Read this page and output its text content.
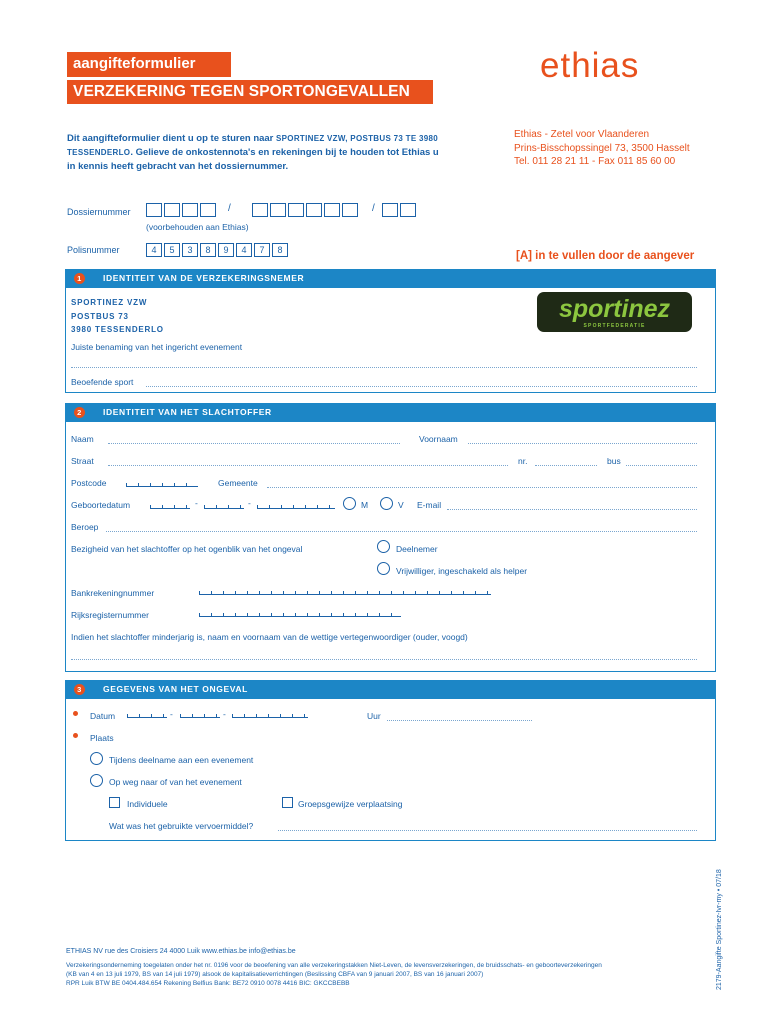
aangifteformulier
VERZEKERING TEGEN SPORTONGEVALLEN
ethias
Dit aangifteformulier dient u op te sturen naar SPORTINEZ VZW, POSTBUS 73 TE 3980 TESSENDERLO. Gelieve de onkostennota's en rekeningen bij te houden tot Ethias u in kennis heeft gebracht van het dossiernummer.
Ethias - Zetel voor Vlaanderen
Prins-Bisschopssingel 73, 3500 Hasselt
Tel. 011 28 21 11 - Fax 011 85 60 00
Dossiernummer	/	/
(voorbehouden aan Ethias)
Polisnummer	4	5	3	8	9	4	7	8	[A] in te vullen door de aangever
1	IDENTITEIT VAN DE VERZEKERINGSNEMER
SPORTINEZ VZW
POSTBUS 73
3980 TESSENDERLO
sportinez
SPORTFEDERATIE
Juiste benaming van het ingericht evenement
Beoefende sport
2	IDENTITEIT VAN HET SLACHTOFFER
Naam	Voornaam
Straat	nr.	bus
Postcode	Gemeente
Geboortedatum	-	-	M	V E-mail
Beroep
Bezigheid van het slachtoffer op het ogenblik van het ongeval	Deelnemer
Vrijwilliger, ingeschakeld als helper
Bankrekeningnummer
Rijksregisternummer
Indien het slachtoffer minderjarig is, naam en voornaam van de wettige vertegenwoordiger (ouder, voogd)
3	GEGEVENS VAN HET ONGEVAL
Datum	-	-	Uur
Plaats
Tijdens deelname aan een evenement
Op weg naar of van het evenement
Individuele	Groepsgewijze verplaatsing
Wat was het gebruikte vervoermiddel?
ETHIAS NV rue des Croisiers 24 4000 Luik www.ethias.be info@ethias.be
Verzekeringsonderneming toegelaten onder het nr. 0196 voor de beoefening van alle verzekeringstakken Niet-Leven, de levensverzekeringen, de bruidsschats- en geboorteverzekeringen
(KB van 4 en 13 juli 1979, BS van 14 juli 1979) alsook de kapitalisatieverrichtingen (Beslissing CBFA van 9 januari 2007, BS van 16 januari 2007)
RPR Luik BTW BE 0404.484.654 Rekening Belfius Bank: BE72 0910 0078 4416 BIC: GKCCBEBB	2179-Aangifte Sportinez-Ivr-my • 07/18
